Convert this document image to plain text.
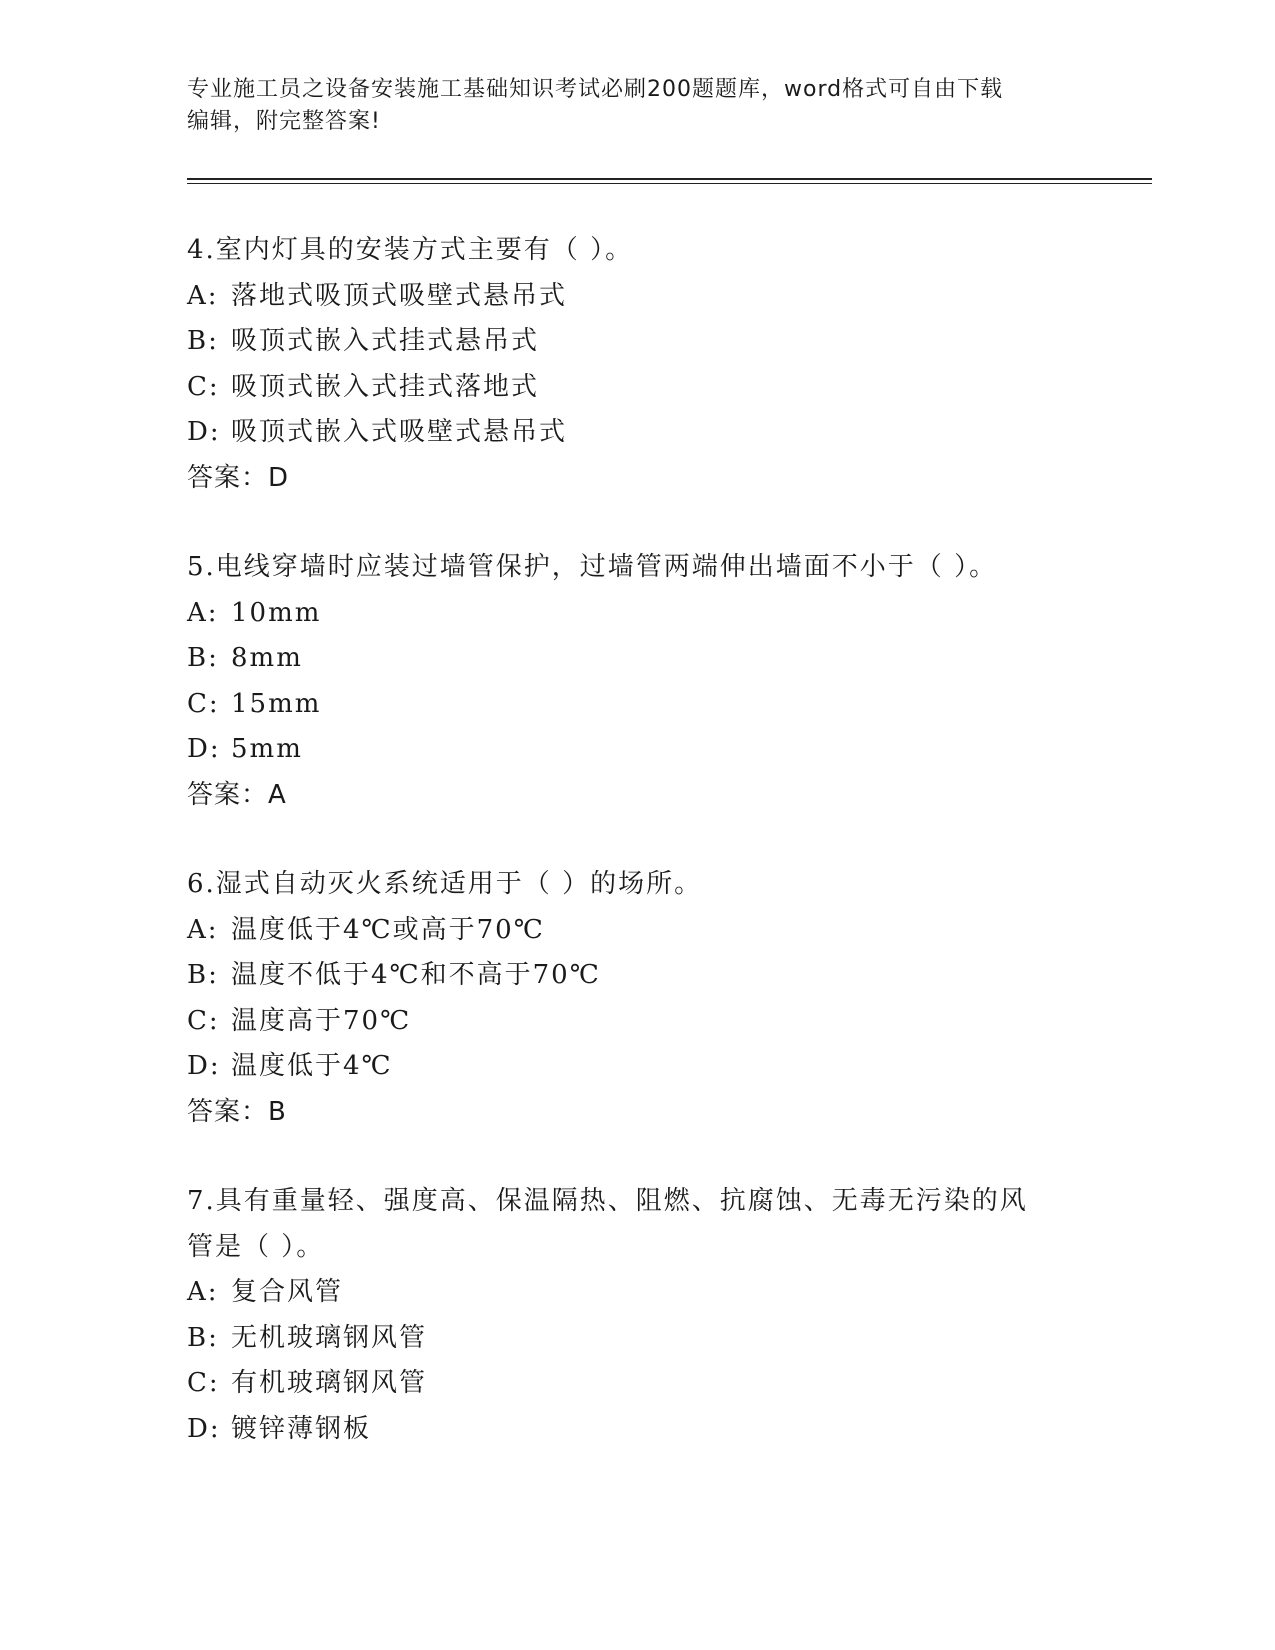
专业施工员之设备安装施工基础知识考试必刷200题题库，word格式可自由下载
编辑，附完整答案!
4.室内灯具的安装方式主要有（ ）。
A: 落地式吸顶式吸壁式悬吊式
B: 吸顶式嵌入式挂式悬吊式
C: 吸顶式嵌入式挂式落地式
D: 吸顶式嵌入式吸壁式悬吊式
答案：D
5.电线穿墙时应装过墙管保护，过墙管两端伸出墙面不小于（ ）。
A: 10mm
B: 8mm
C: 15mm
D: 5mm
答案：A
6.湿式自动灭火系统适用于（ ）的场所。
A: 温度低于4℃或高于70℃
B: 温度不低于4℃和不高于70℃
C: 温度高于70℃
D: 温度低于4℃
答案：B
7.具有重量轻、强度高、保温隔热、阻燃、抗腐蚀、无毒无污染的风
管是（ ）。
A: 复合风管
B: 无机玻璃钢风管
C: 有机玻璃钢风管
D: 镀锌薄钢板
